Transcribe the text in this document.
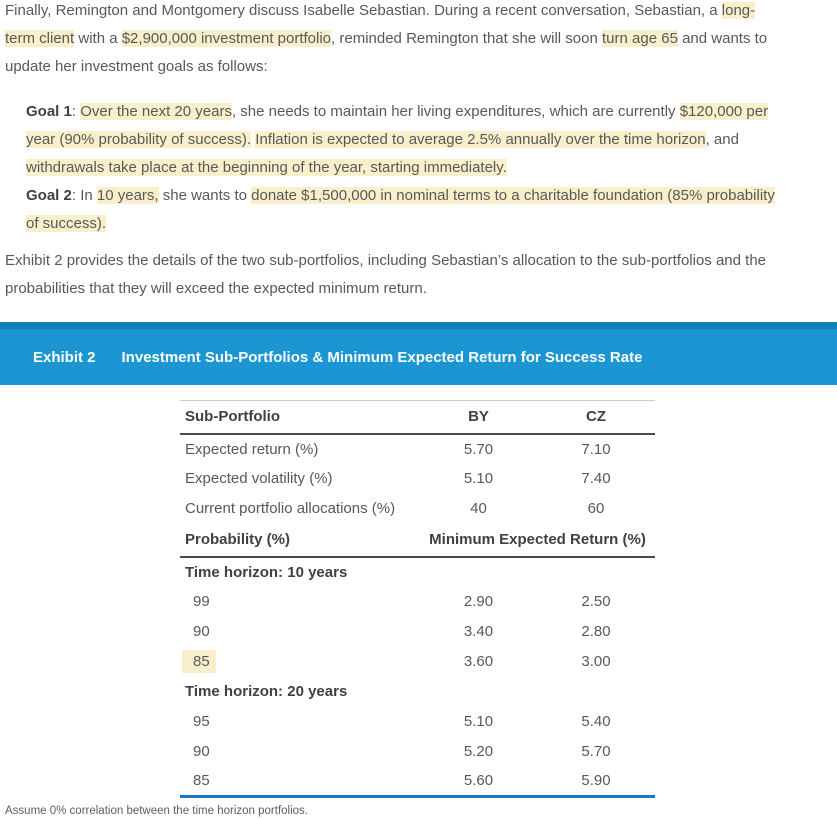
Finally, Remington and Montgomery discuss Isabelle Sebastian. During a recent conversation, Sebastian, a long-
term client with a $2,900,000 investment portfolio, reminded Remington that she will soon turn age 65 and wants to
update her investment goals as follows:

Goal 1: Over the next 20 years, she needs to maintain her living expenditures, which are currently $120,000 per
year (90% probability of success). Inflation is expected to average 2.5% annually over the time horizon, and
withdrawals take place at the beginning of the year, starting immediately.

Goal 2: In 10 years, she wants to donate $1,500,000 in nominal terms to a charitable foundation (85% probability
of success).

Exhibit 2 provides the details of the two sub-portfolios, including Sebastian’s allocation to the sub-portfolios and the
probabilities that they will exceed the expected minimum return.

Exhibit 2 Investment Sub-Portfolios & Minimum Expected Return for Success Rate
Sub-Portfolio	BY	CZ
Expected return (%)	5.70	7.10
Expected volatility (%)	5.10	7.40
Current portfolio allocations (%)	40	60
Probability (%)	Minimum Expected Return (%)	
Time horizon: 10 years		
99	2.90	2.50
90	3.40	2.80
85	3.60	3.00
Time horizon: 20 years		
95	5.10	5.40
90	5.20	5.70
85	5.60	5.90
Assume 0% correlation between the time horizon portfolios.
